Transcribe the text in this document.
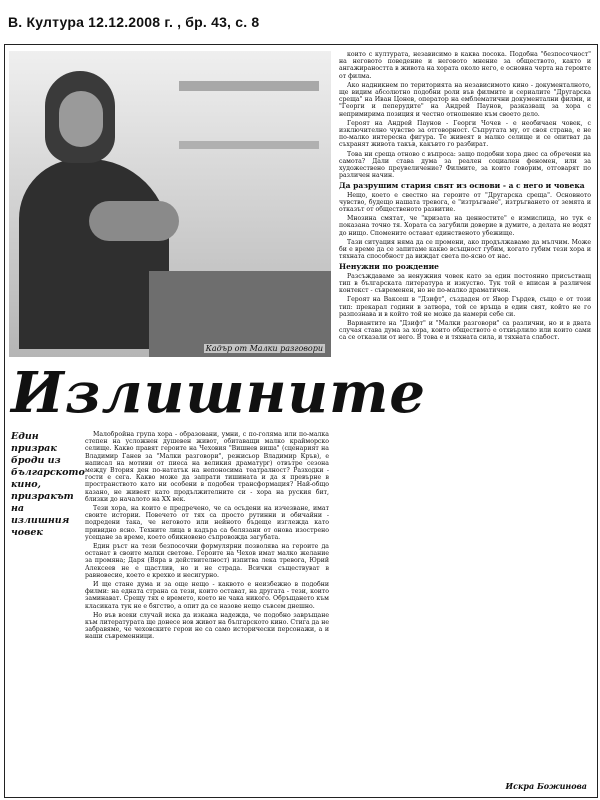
В. Култура 12.12.2008 г. , бр. 43, с. 8
Кадър от Малки разговори
Излишните
Един призрак броди из българското кино, призракът на излишния човек

Малобройна група хора - образовани, умни, с по-голяма или по-малка степен на усложнен душевен живот, обитаващи малко крайморско селище. Какво правят героите на Чеховия "Вишнев виша" (сценарият на Владимир Ганев за "Малки разговори", режисьор Владимир Кръв), е написал на мотиви от пиеса на великия драматург) отвътре сезона между Втория ден по-нататък на непоносима театралност? Разходки - гости е сега. Какво може да запрати тишината и да я превърне в пространството като ни особени в подобен трансформация? Най-общо казано, не живеят като продължителните си - хора на руския бит, близки до началото на ХХ век.

Тези хора, на които е предречено, че са осъдени на изчезване, имат своите истории. Повечето от тях са просто рутинни и обичайни - подредени така, че неговото или нейното бъдеще изглежда като привидно ясно. Техните лица в кадъра са белязани от онова изострено усещане за време, което обикновено съпровожда загубата.

Един ръст на тези безпосочни формулярни позволява на героите да останат в своите малки светове. Героите на Чехов имат малко желание за промяна; Даря (Вяра в действителност) изпитва лека тревога, Юрий Алексеев не е щастлив, но и не страда. Всички съществуват в равновесие, което е крехко и несигурно.

И ще стане дума и за още нещо - каквото е неизбежно в подобни филми: на едната страна са тези, които остават, на другата - тези, които заминават. Срещу тях е времето, което не чака никого. Обръщането към класиката тук не е бягство, а опит да се назове нещо съвсем днешно.

Но във всеки случай иска да изкажа надежда, че подобно завръщане към литературата ще донесе нов живот на българското кино. Стига да не забравяме, че чеховските герои не са само исторически персонажи, а и наши съвременници.

които с културата, независимо в каква посока. Подобна "безпосочност" на неговото поведение и неговото мнение за обществото, както и ангажираността в живота на хората около него, е основна черта на героите от филма.

Ако надникнем по територията на независимото кино - документалното, ще видим абсолютно подобни роли във филмите и сериалите "Другарска среща" на Иван Цонев, оператор на емблематични документални филми, и "Георги и пеперудите" на Андрей Паунов, разказващ за хора с непримирима позиция и честно отношение към своето дело.

Героят на Андрей Паунов - Георги Чочев - е необичаен човек, с изключително чувство за отговорност. Съпругата му, от своя страна, е не по-малко интересна фигура. Те живеят в малко селище и се опитват да съхранят живота такъв, какъвто го разбират.

Това ни среща отново с въпроса: защо подобни хора днес са обречени на самота? Дали става дума за реален социален феномен, или за художествено преувеличение? Филмите, за които говорим, отговарят по различен начин.

Да разрушим стария свят из основи - а с него и човека

Нещо, което е свестно на героите от "Другарска среща". Основното чувство, будещо нашата тревога, е "изтръгване", изтръгването от земята и отказът от общественото развитие.

Мнозина смятат, че "кризата на ценностите" е измислица, но тук е показана точно тя. Хората са загубили доверие в думите, а делата не водят до нищо. Спомените остават единственото убежище.

Тази ситуация няма да се промени, ако продължаваме да мълчим. Може би е време да се запитаме какво всъщност губим, когато губим тези хора и тяхната способност да виждат света по-ясно от нас.

Ненужни по рождение

Разсъждаваме за ненужния човек като за един постоянно присъстващ тип в българската литература и изкуство. Тук той е вписан в различен контекст - съвременен, но не по-малко драматичен.

Героят на Ваксеш в "Дзифт", създаден от Явор Гърдев, също е от този тип: прекарал години в затвора, той се връща в един свят, който не го разпознава и в който той не може да намери себе си.

Вариантите на "Дзифт" и "Малки разговори" са различни, но и в двата случая става дума за хора, които обществото е отхвърлило или които сами са се отказали от него. В това е и тяхната сила, и тяхната слабост.

Искра Божинова
